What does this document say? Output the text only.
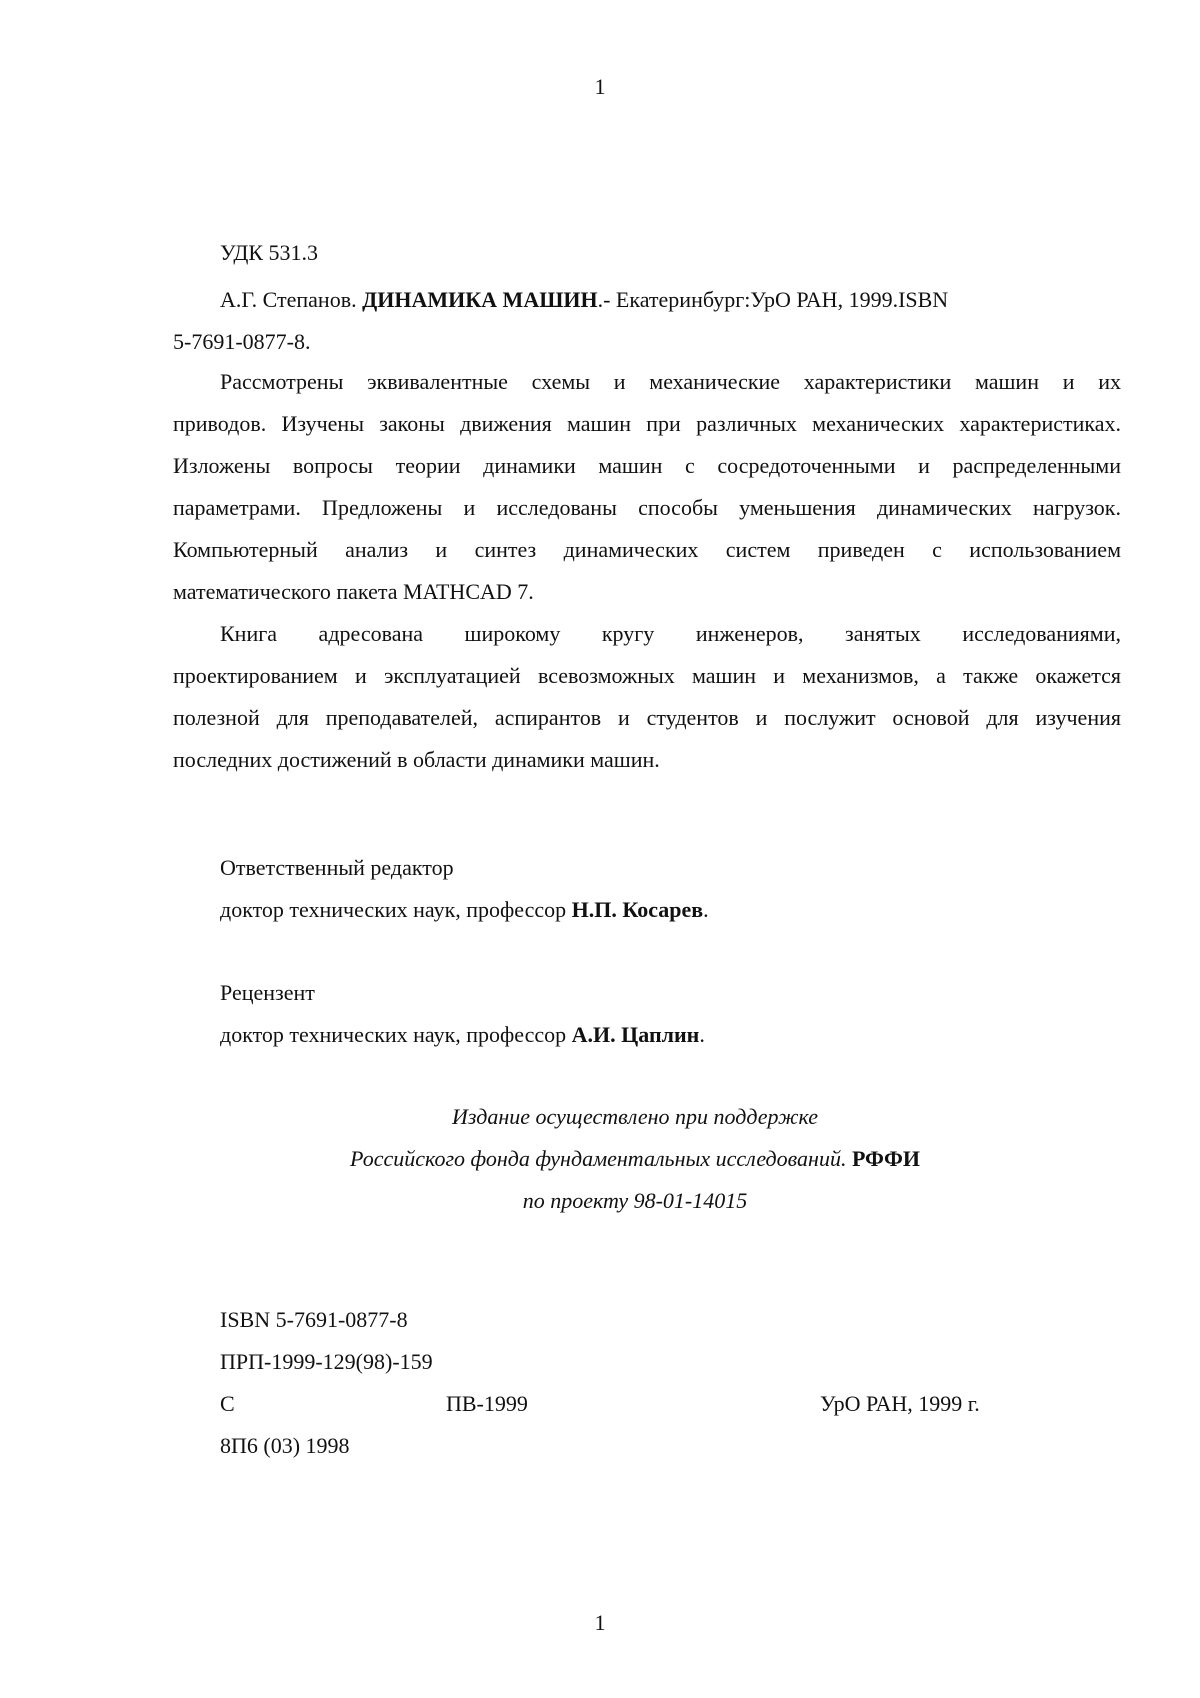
1
УДК 531.3
А.Г. Степанов. ДИНАМИКА МАШИН.- Екатеринбург:УрО РАН, 1999.ISBN
5-7691-0877-8.
Рассмотрены эквивалентные схемы и механические характеристики машин и их
приводов. Изучены законы движения машин при различных механических характеристиках.
Изложены вопросы теории динамики машин с сосредоточенными и распределенными
параметрами. Предложены и исследованы способы уменьшения динамических нагрузок.
Компьютерный анализ и синтез динамических систем приведен с использованием
математического пакета MATHCAD 7.
Книга адресована широкому кругу инженеров, занятых исследованиями,
проектированием и эксплуатацией всевозможных машин и механизмов, а также окажется
полезной для преподавателей, аспирантов и студентов и послужит основой для изучения
последних достижений в области динамики машин.
Ответственный редактор
доктор технических наук, профессор Н.П. Косарев.
Рецензент
доктор технических наук, профессор А.И. Цаплин.
Издание осуществлено при поддержке
Российского фонда фундаментальных исследований. РФФИ
по проекту 98-01-14015
ISBN 5-7691-0877-8
ПРП-1999-129(98)-159
С	ПВ-1999	УрО РАН, 1999 г.
8П6 (03) 1998
1
